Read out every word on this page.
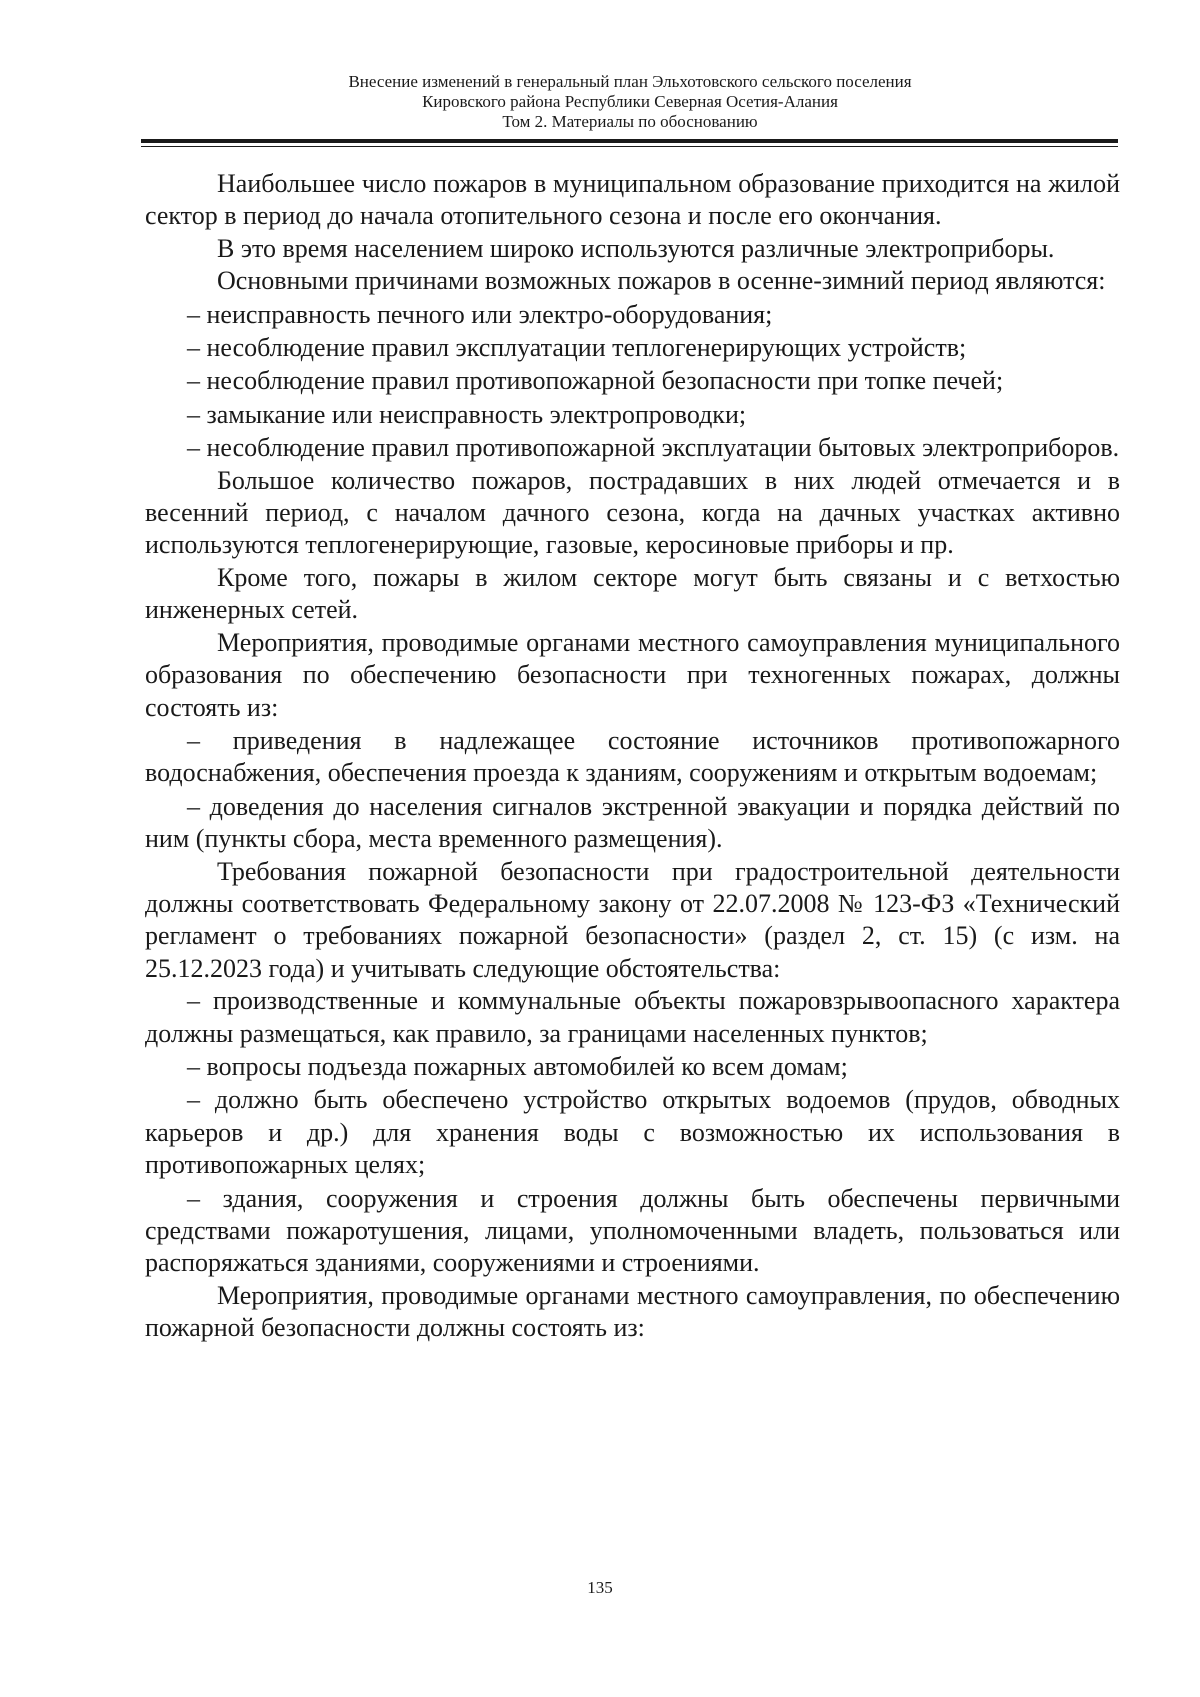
Внесение изменений в генеральный план Эльхотовского сельского поселения
Кировского района Республики Северная Осетия-Алания
Том 2. Материалы по обоснованию

Наибольшее число пожаров в муниципальном образование приходится на жилой сектор в период до начала отопительного сезона и после его окончания.

В это время населением широко используются различные электроприборы.

Основными причинами возможных пожаров в осенне-зимний период являются:

– неисправность печного или электро-оборудования;

– несоблюдение правил эксплуатации теплогенерирующих устройств;

– несоблюдение правил противопожарной безопасности при топке печей;

– замыкание или неисправность электропроводки;

– несоблюдение правил противопожарной эксплуатации бытовых электроприборов.

Большое количество пожаров, пострадавших в них людей отмечается и в весенний период, с началом дачного сезона, когда на дачных участках активно используются теплогенерирующие, газовые, керосиновые приборы и пр.

Кроме того, пожары в жилом секторе могут быть связаны и с ветхостью инженерных сетей.

Мероприятия, проводимые органами местного самоуправления муниципального образования по обеспечению безопасности при техногенных пожарах, должны состоять из:

– приведения в надлежащее состояние источников противопожарного водоснабжения, обеспечения проезда к зданиям, сооружениям и открытым водоемам;

– доведения до населения сигналов экстренной эвакуации и порядка действий по ним (пункты сбора, места временного размещения).

Требования пожарной безопасности при градостроительной деятельности должны соответствовать Федеральному закону от 22.07.2008 № 123-ФЗ «Технический регламент о требованиях пожарной безопасности» (раздел 2, ст. 15) (с изм. на 25.12.2023 года) и учитывать следующие обстоятельства:

– производственные и коммунальные объекты пожаровзрывоопасного характера должны размещаться, как правило, за границами населенных пунктов;

– вопросы подъезда пожарных автомобилей ко всем домам;

– должно быть обеспечено устройство открытых водоемов (прудов, обводных карьеров и др.) для хранения воды с возможностью их использования в противопожарных целях;

– здания, сооружения и строения должны быть обеспечены первичными средствами пожаротушения, лицами, уполномоченными владеть, пользоваться или распоряжаться зданиями, сооружениями и строениями.

Мероприятия, проводимые органами местного самоуправления, по обеспечению пожарной безопасности должны состоять из:

135
